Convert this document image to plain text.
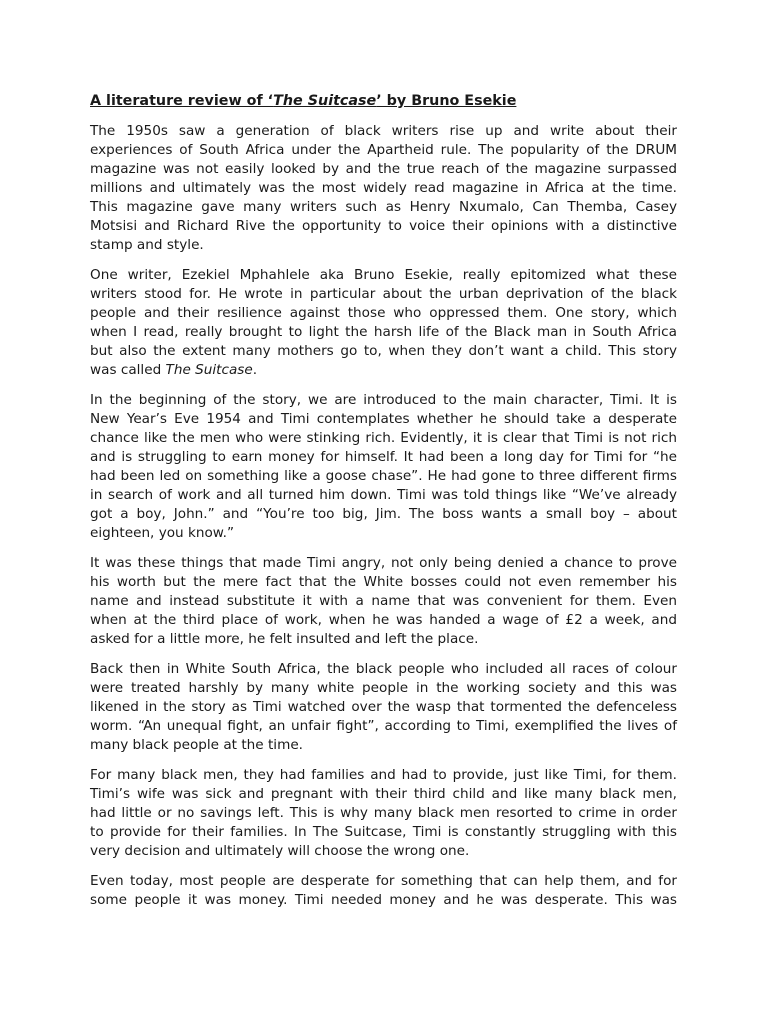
A literature review of ‘The Suitcase’ by Bruno Esekie
The 1950s saw a generation of black writers rise up and write about their
experiences of South Africa under the Apartheid rule. The popularity of the DRUM
magazine was not easily looked by and the true reach of the magazine surpassed
millions and ultimately was the most widely read magazine in Africa at the time.
This magazine gave many writers such as Henry Nxumalo, Can Themba, Casey
Motsisi and Richard Rive the opportunity to voice their opinions with a distinctive
stamp and style.
One writer, Ezekiel Mphahlele aka Bruno Esekie, really epitomized what these
writers stood for. He wrote in particular about the urban deprivation of the black
people and their resilience against those who oppressed them. One story, which
when I read, really brought to light the harsh life of the Black man in South Africa
but also the extent many mothers go to, when they don’t want a child. This story
was called The Suitcase.
In the beginning of the story, we are introduced to the main character, Timi. It is
New Year’s Eve 1954 and Timi contemplates whether he should take a desperate
chance like the men who were stinking rich. Evidently, it is clear that Timi is not rich
and is struggling to earn money for himself. It had been a long day for Timi for “he
had been led on something like a goose chase”. He had gone to three different firms
in search of work and all turned him down. Timi was told things like “We’ve already
got a boy, John.” and “You’re too big, Jim. The boss wants a small boy – about
eighteen, you know.”
It was these things that made Timi angry, not only being denied a chance to prove
his worth but the mere fact that the White bosses could not even remember his
name and instead substitute it with a name that was convenient for them. Even
when at the third place of work, when he was handed a wage of £2 a week, and
asked for a little more, he felt insulted and left the place.
Back then in White South Africa, the black people who included all races of colour
were treated harshly by many white people in the working society and this was
likened in the story as Timi watched over the wasp that tormented the defenceless
worm. “An unequal fight, an unfair fight”, according to Timi, exemplified the lives of
many black people at the time.
For many black men, they had families and had to provide, just like Timi, for them.
Timi’s wife was sick and pregnant with their third child and like many black men,
had little or no savings left. This is why many black men resorted to crime in order
to provide for their families. In The Suitcase, Timi is constantly struggling with this
very decision and ultimately will choose the wrong one.
Even today, most people are desperate for something that can help them, and for
some people it was money. Timi needed money and he was desperate. This was
